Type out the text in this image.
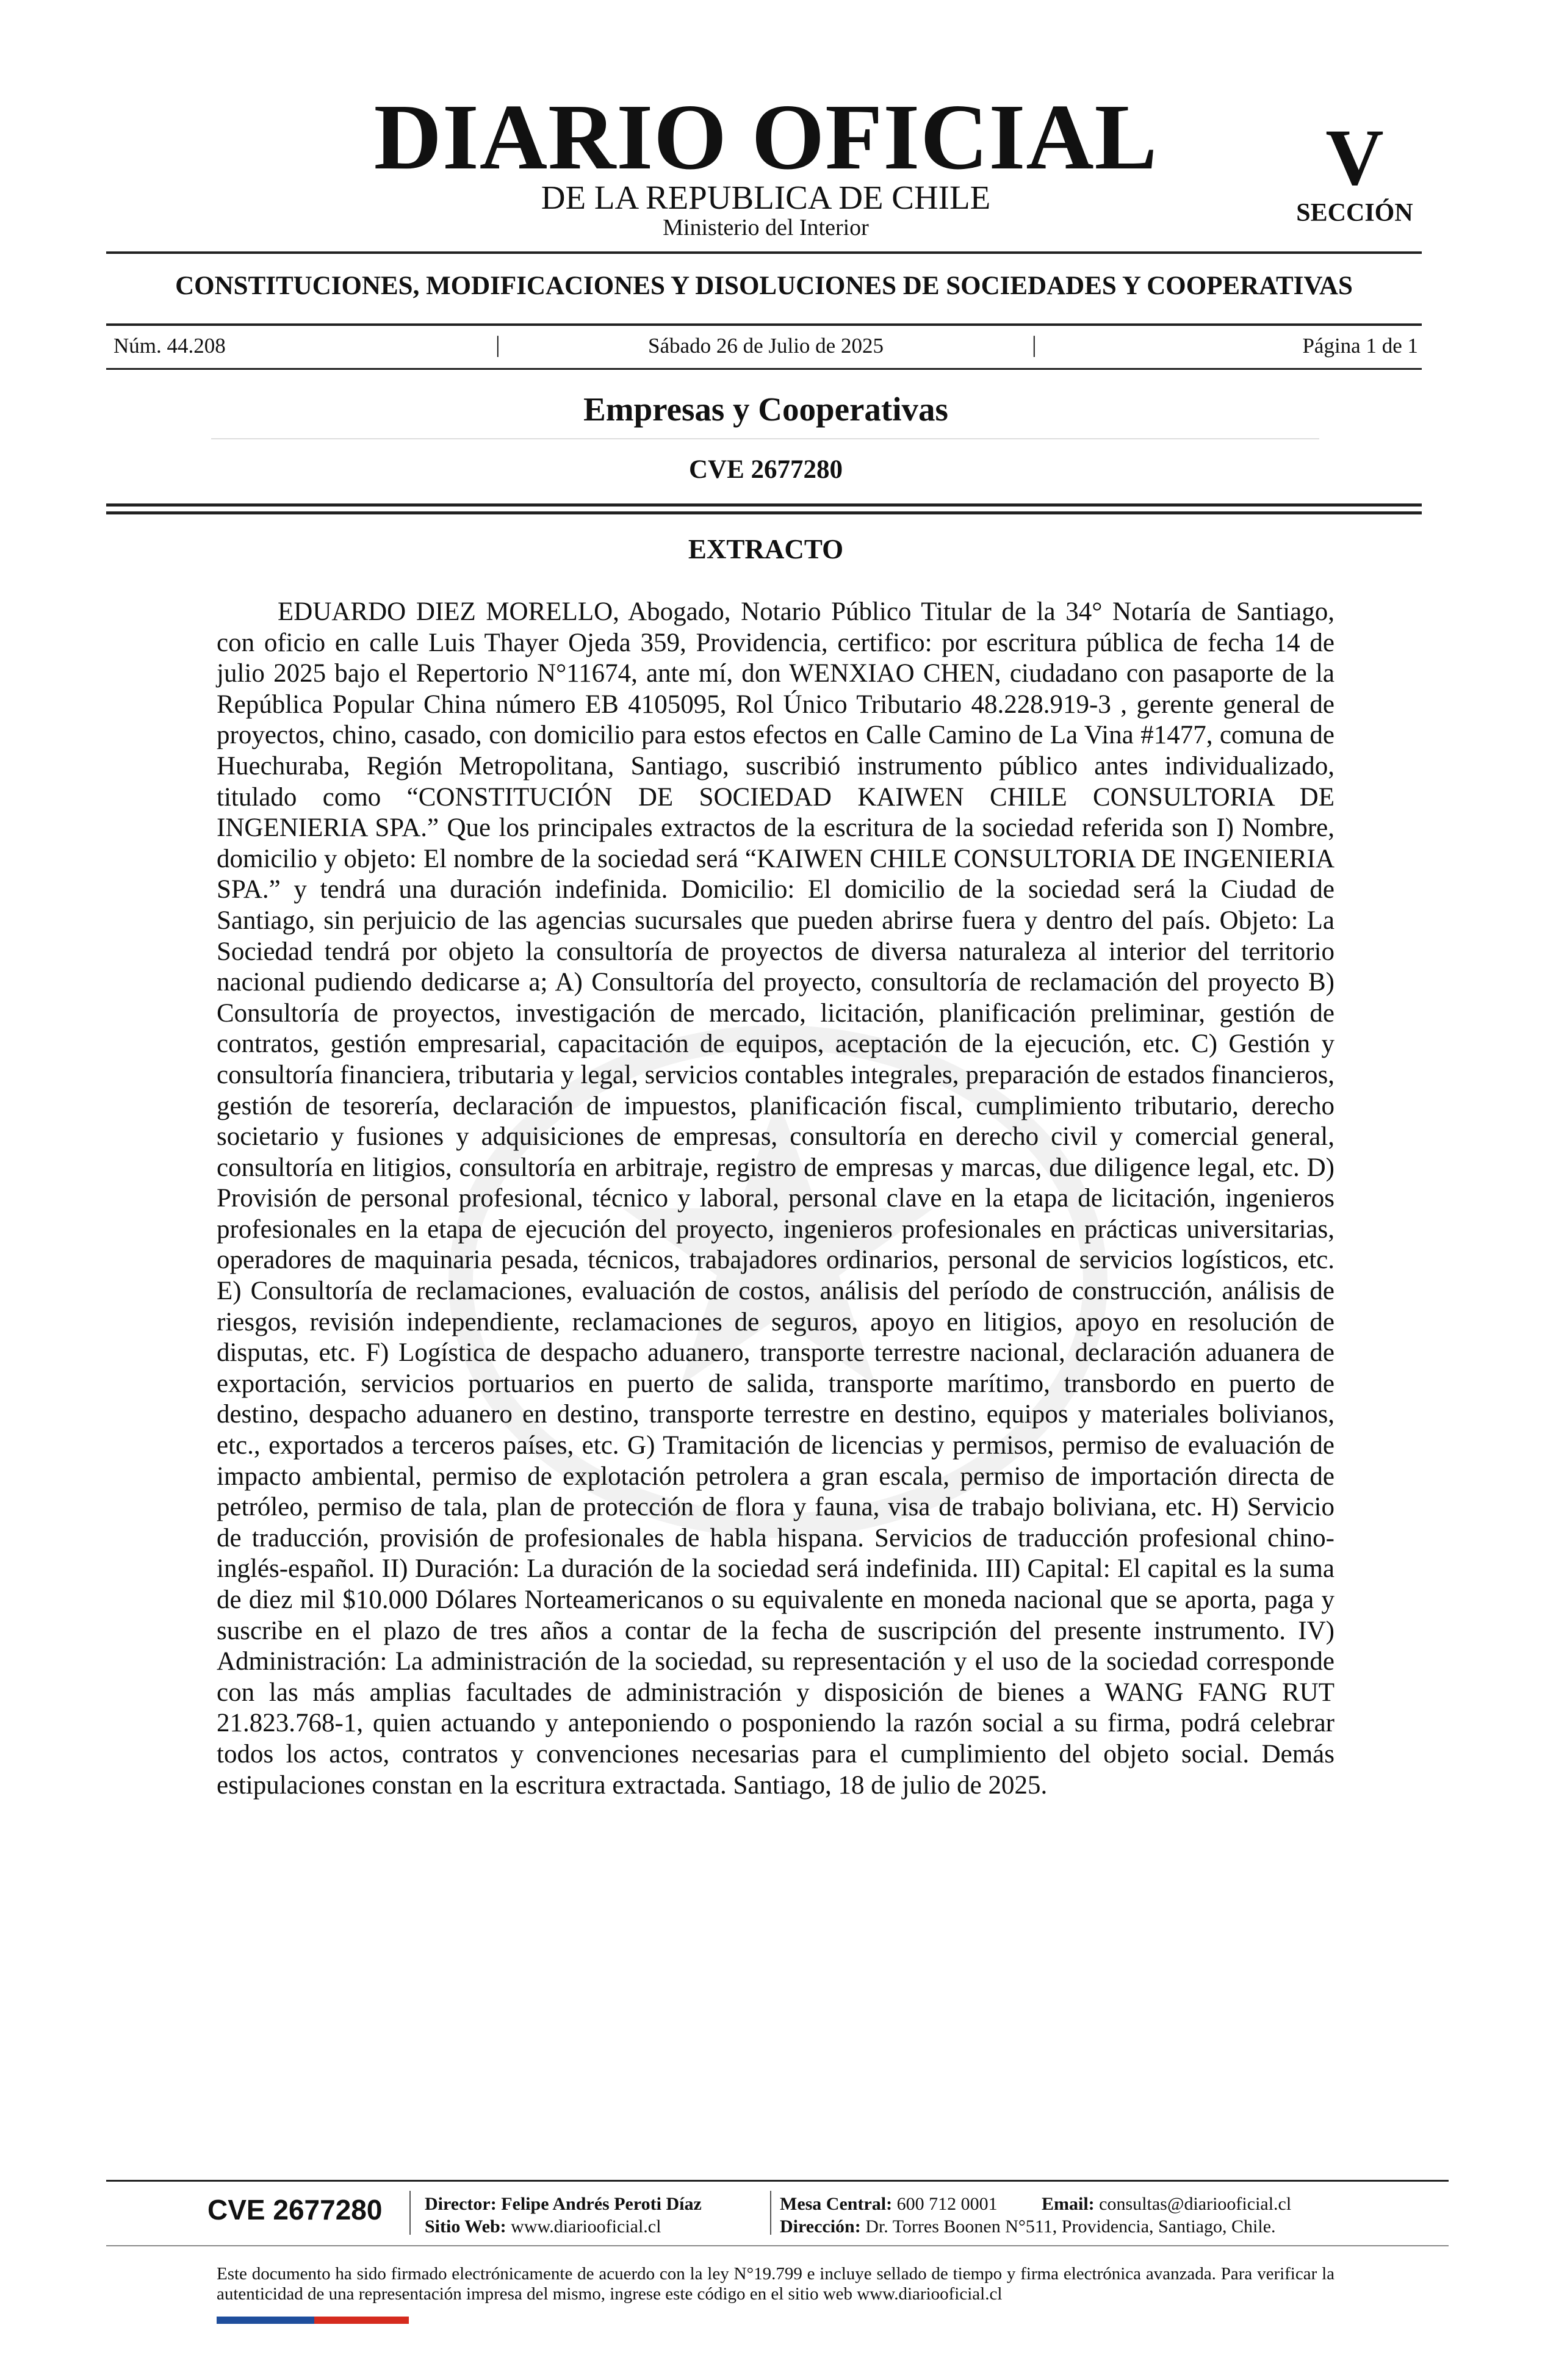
DIARIO OFICIAL
DE LA REPUBLICA DE CHILE
Ministerio del Interior
V
SECCIÓN
CONSTITUCIONES, MODIFICACIONES Y DISOLUCIONES DE SOCIEDADES Y COOPERATIVAS
Núm. 44.208	|	Sábado 26 de Julio de 2025	|	Página 1 de 1
Empresas y Cooperativas
CVE 2677280
EXTRACTO
EDUARDO DIEZ MORELLO, Abogado, Notario Público Titular de la 34° Notaría de Santiago, con oficio en calle Luis Thayer Ojeda 359, Providencia, certifico: por escritura pública de fecha 14 de julio 2025 bajo el Repertorio N°11674, ante mí, don WENXIAO CHEN, ciudadano con pasaporte de la República Popular China número EB 4105095, Rol Único Tributario 48.228.919-3 , gerente general de proyectos, chino, casado, con domicilio para estos efectos en Calle Camino de La Vina #1477, comuna de Huechuraba, Región Metropolitana, Santiago, suscribió instrumento público antes individualizado, titulado como “CONSTITUCIÓN DE SOCIEDAD KAIWEN CHILE CONSULTORIA DE INGENIERIA SPA.” Que los principales extractos de la escritura de la sociedad referida son I) Nombre, domicilio y objeto: El nombre de la sociedad será “KAIWEN CHILE CONSULTORIA DE INGENIERIA SPA.” y tendrá una duración indefinida. Domicilio: El domicilio de la sociedad será la Ciudad de Santiago, sin perjuicio de las agencias sucursales que pueden abrirse fuera y dentro del país. Objeto: La Sociedad tendrá por objeto la consultoría de proyectos de diversa naturaleza al interior del territorio nacional pudiendo dedicarse a; A) Consultoría del proyecto, consultoría de reclamación del proyecto B) Consultoría de proyectos, investigación de mercado, licitación, planificación preliminar, gestión de contratos, gestión empresarial, capacitación de equipos, aceptación de la ejecución, etc. C) Gestión y consultoría financiera, tributaria y legal, servicios contables integrales, preparación de estados financieros, gestión de tesorería, declaración de impuestos, planificación fiscal, cumplimiento tributario, derecho societario y fusiones y adquisiciones de empresas, consultoría en derecho civil y comercial general, consultoría en litigios, consultoría en arbitraje, registro de empresas y marcas, due diligence legal, etc. D) Provisión de personal profesional, técnico y laboral, personal clave en la etapa de licitación, ingenieros profesionales en la etapa de ejecución del proyecto, ingenieros profesionales en prácticas universitarias, operadores de maquinaria pesada, técnicos, trabajadores ordinarios, personal de servicios logísticos, etc. E) Consultoría de reclamaciones, evaluación de costos, análisis del período de construcción, análisis de riesgos, revisión independiente, reclamaciones de seguros, apoyo en litigios, apoyo en resolución de disputas, etc. F) Logística de despacho aduanero, transporte terrestre nacional, declaración aduanera de exportación, servicios portuarios en puerto de salida, transporte marítimo, transbordo en puerto de destino, despacho aduanero en destino, transporte terrestre en destino, equipos y materiales bolivianos, etc., exportados a terceros países, etc. G) Tramitación de licencias y permisos, permiso de evaluación de impacto ambiental, permiso de explotación petrolera a gran escala, permiso de importación directa de petróleo, permiso de tala, plan de protección de flora y fauna, visa de trabajo boliviana, etc. H) Servicio de traducción, provisión de profesionales de habla hispana. Servicios de traducción profesional chino-inglés-español. II) Duración: La duración de la sociedad será indefinida. III) Capital: El capital es la suma de diez mil $10.000 Dólares Norteamericanos o su equivalente en moneda nacional que se aporta, paga y suscribe en el plazo de tres años a contar de la fecha de suscripción del presente instrumento. IV) Administración: La administración de la sociedad, su representación y el uso de la sociedad corresponde con las más amplias facultades de administración y disposición de bienes a WANG FANG RUT 21.823.768-1, quien actuando y anteponiendo o posponiendo la razón social a su firma, podrá celebrar todos los actos, contratos y convenciones necesarias para el cumplimiento del objeto social. Demás estipulaciones constan en la escritura extractada. Santiago, 18 de julio de 2025.
CVE 2677280 Director: Felipe Andrés Peroti Díaz
Sitio Web: www.diariooficial.cl
Mesa Central: 600 712 0001 Email: consultas@diariooficial.cl
Dirección: Dr. Torres Boonen N°511, Providencia, Santiago, Chile.
Este documento ha sido firmado electrónicamente de acuerdo con la ley N°19.799 e incluye sellado de tiempo y firma electrónica avanzada. Para verificar la autenticidad de una representación impresa del mismo, ingrese este código en el sitio web www.diariooficial.cl
